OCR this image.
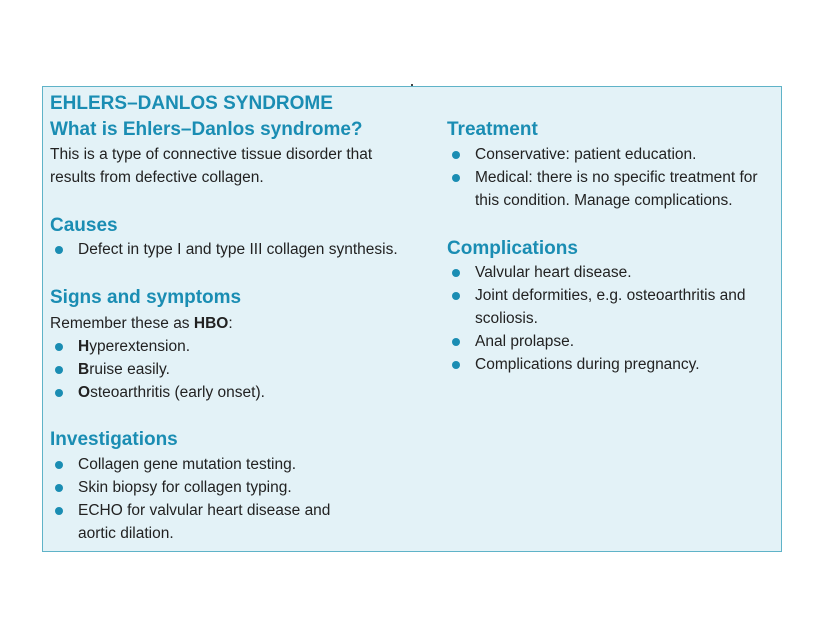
EHLERS–DANLOS SYNDROME
What is Ehlers–Danlos syndrome?
This is a type of connective tissue disorder that results from defective collagen.
Causes
Defect in type I and type III collagen synthesis.
Signs and symptoms
Remember these as HBO:
Hyperextension.
Bruise easily.
Osteoarthritis (early onset).
Investigations
Collagen gene mutation testing.
Skin biopsy for collagen typing.
ECHO for valvular heart disease and aortic dilation.
Treatment
Conservative: patient education.
Medical: there is no specific treatment for this condition. Manage complications.
Complications
Valvular heart disease.
Joint deformities, e.g. osteoarthritis and scoliosis.
Anal prolapse.
Complications during pregnancy.
